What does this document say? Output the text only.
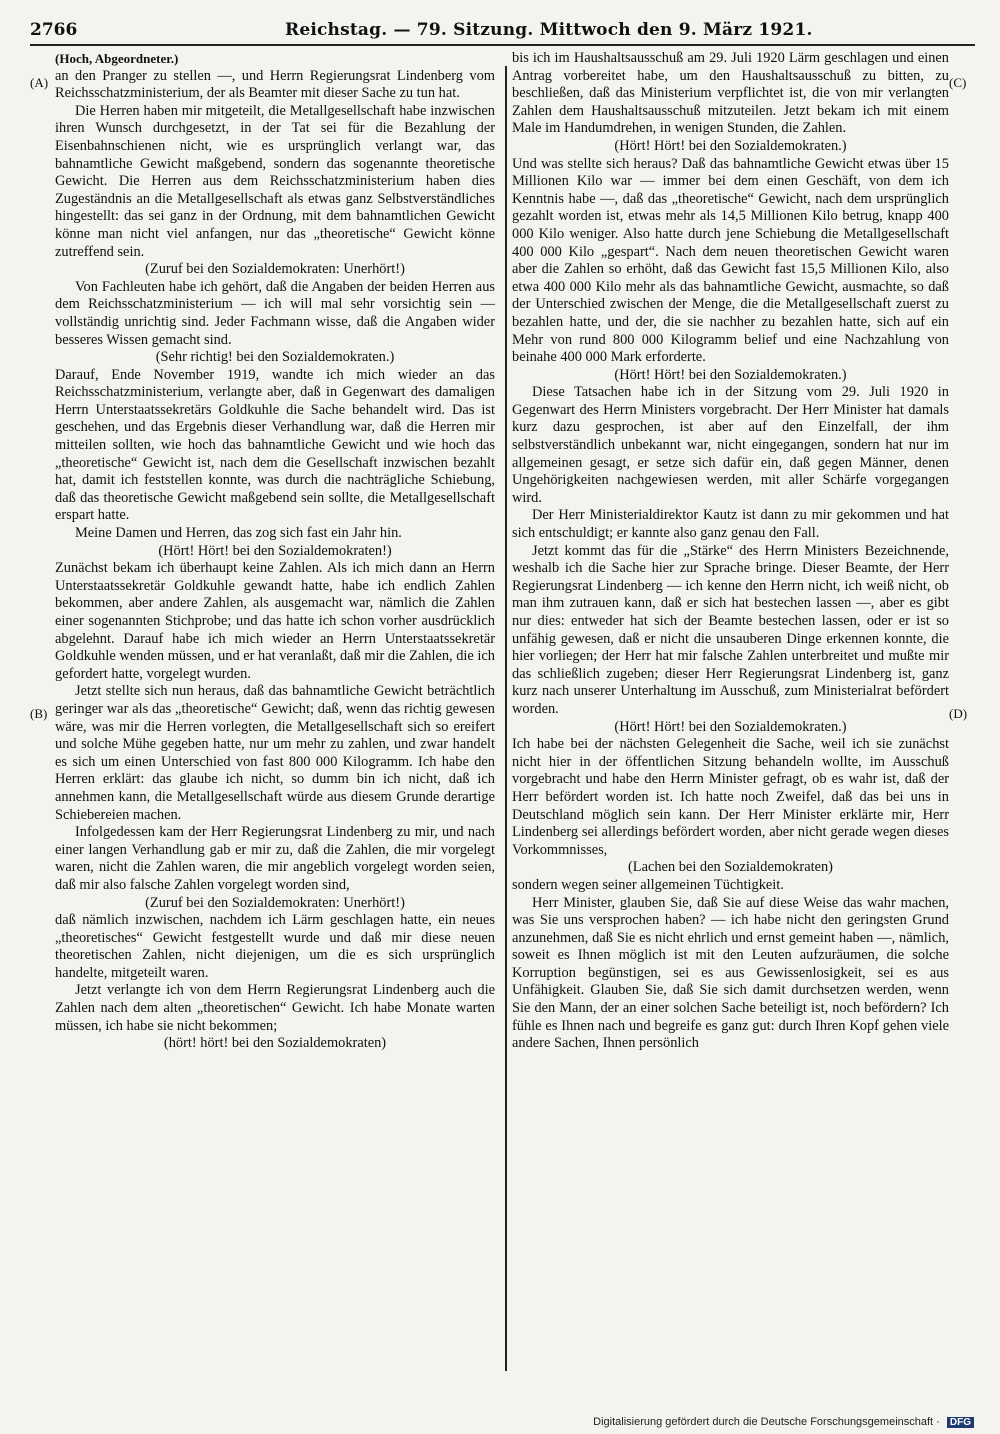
2766	Reichstag. — 79. Sitzung. Mittwoch den 9. März 1921.
(A)
(B)
(C)
(D)

(Hoch, Abgeordneter.)

an den Pranger zu stellen —, und Herrn Regierungsrat Lindenberg vom Reichsschatzministerium, der als Beamter mit dieser Sache zu tun hat.

Die Herren haben mir mitgeteilt, die Metallgesellschaft habe inzwischen ihren Wunsch durchgesetzt, in der Tat sei für die Bezahlung der Eisenbahnschienen nicht, wie es ursprünglich verlangt war, das bahnamtliche Gewicht maßgebend, sondern das sogenannte theoretische Gewicht. Die Herren aus dem Reichsschatzministerium haben dies Zugeständnis an die Metallgesellschaft als etwas ganz Selbstverständliches hingestellt: das sei ganz in der Ordnung, mit dem bahnamtlichen Gewicht könne man nicht viel anfangen, nur das „theoretische“ Gewicht könne zutreffend sein.

(Zuruf bei den Sozialdemokraten: Unerhört!)

Von Fachleuten habe ich gehört, daß die Angaben der beiden Herren aus dem Reichsschatzministerium — ich will mal sehr vorsichtig sein — vollständig unrichtig sind. Jeder Fachmann wisse, daß die Angaben wider besseres Wissen gemacht sind.

(Sehr richtig! bei den Sozialdemokraten.)

Darauf, Ende November 1919, wandte ich mich wieder an das Reichsschatzministerium, verlangte aber, daß in Gegenwart des damaligen Herrn Unterstaatssekretärs Goldkuhle die Sache behandelt wird. Das ist geschehen, und das Ergebnis dieser Verhandlung war, daß die Herren mir mitteilen sollten, wie hoch das bahnamtliche Gewicht und wie hoch das „theoretische“ Gewicht ist, nach dem die Gesellschaft inzwischen bezahlt hat, damit ich feststellen konnte, was durch die nachträgliche Schiebung, daß das theoretische Gewicht maßgebend sein sollte, die Metallgesellschaft erspart hatte.

Meine Damen und Herren, das zog sich fast ein Jahr hin.

(Hört! Hört! bei den Sozialdemokraten!)

Zunächst bekam ich überhaupt keine Zahlen. Als ich mich dann an Herrn Unterstaatssekretär Goldkuhle gewandt hatte, habe ich endlich Zahlen bekommen, aber andere Zahlen, als ausgemacht war, nämlich die Zahlen einer sogenannten Stichprobe; und das hatte ich schon vorher ausdrücklich abgelehnt. Darauf habe ich mich wieder an Herrn Unterstaatssekretär Goldkuhle wenden müssen, und er hat veranlaßt, daß mir die Zahlen, die ich gefordert hatte, vorgelegt wurden.

Jetzt stellte sich nun heraus, daß das bahnamtliche Gewicht beträchtlich geringer war als das „theoretische“ Gewicht; daß, wenn das richtig gewesen wäre, was mir die Herren vorlegten, die Metallgesellschaft sich so ereifert und solche Mühe gegeben hatte, nur um mehr zu zahlen, und zwar handelt es sich um einen Unterschied von fast 800 000 Kilogramm. Ich habe den Herren erklärt: das glaube ich nicht, so dumm bin ich nicht, daß ich annehmen kann, die Metallgesellschaft würde aus diesem Grunde derartige Schiebereien machen.

Infolgedessen kam der Herr Regierungsrat Lindenberg zu mir, und nach einer langen Verhandlung gab er mir zu, daß die Zahlen, die mir vorgelegt waren, nicht die Zahlen waren, die mir angeblich vorgelegt worden seien, daß mir also falsche Zahlen vorgelegt worden sind,

(Zuruf bei den Sozialdemokraten: Unerhört!)

daß nämlich inzwischen, nachdem ich Lärm geschlagen hatte, ein neues „theoretisches“ Gewicht festgestellt wurde und daß mir diese neuen theoretischen Zahlen, nicht diejenigen, um die es sich ursprünglich handelte, mitgeteilt waren.

Jetzt verlangte ich von dem Herrn Regierungsrat Lindenberg auch die Zahlen nach dem alten „theoretischen“ Gewicht. Ich habe Monate warten müssen, ich habe sie nicht bekommen;

(hört! hört! bei den Sozialdemokraten)

bis ich im Haushaltsausschuß am 29. Juli 1920 Lärm geschlagen und einen Antrag vorbereitet habe, um den Haushaltsausschuß zu bitten, zu beschließen, daß das Ministerium verpflichtet ist, die von mir verlangten Zahlen dem Haushaltsausschuß mitzuteilen. Jetzt bekam ich mit einem Male im Handumdrehen, in wenigen Stunden, die Zahlen.

(Hört! Hört! bei den Sozialdemokraten.)

Und was stellte sich heraus? Daß das bahnamtliche Gewicht etwas über 15 Millionen Kilo war — immer bei dem einen Geschäft, von dem ich Kenntnis habe —, daß das „theoretische“ Gewicht, nach dem ursprünglich gezahlt worden ist, etwas mehr als 14,5 Millionen Kilo betrug, knapp 400 000 Kilo weniger. Also hatte durch jene Schiebung die Metallgesellschaft 400 000 Kilo „gespart“. Nach dem neuen theoretischen Gewicht waren aber die Zahlen so erhöht, daß das Gewicht fast 15,5 Millionen Kilo, also etwa 400 000 Kilo mehr als das bahnamtliche Gewicht, ausmachte, so daß der Unterschied zwischen der Menge, die die Metallgesellschaft zuerst zu bezahlen hatte, und der, die sie nachher zu bezahlen hatte, sich auf ein Mehr von rund 800 000 Kilogramm belief und eine Nachzahlung von beinahe 400 000 Mark erforderte.

(Hört! Hört! bei den Sozialdemokraten.)

Diese Tatsachen habe ich in der Sitzung vom 29. Juli 1920 in Gegenwart des Herrn Ministers vorgebracht. Der Herr Minister hat damals kurz dazu gesprochen, ist aber auf den Einzelfall, der ihm selbstverständlich unbekannt war, nicht eingegangen, sondern hat nur im allgemeinen gesagt, er setze sich dafür ein, daß gegen Männer, denen Ungehörigkeiten nachgewiesen werden, mit aller Schärfe vorgegangen wird.

Der Herr Ministerialdirektor Kautz ist dann zu mir gekommen und hat sich entschuldigt; er kannte also ganz genau den Fall.

Jetzt kommt das für die „Stärke“ des Herrn Ministers Bezeichnende, weshalb ich die Sache hier zur Sprache bringe. Dieser Beamte, der Herr Regierungsrat Lindenberg — ich kenne den Herrn nicht, ich weiß nicht, ob man ihm zutrauen kann, daß er sich hat bestechen lassen —, aber es gibt nur dies: entweder hat sich der Beamte bestechen lassen, oder er ist so unfähig gewesen, daß er nicht die unsauberen Dinge erkennen konnte, die hier vorliegen; der Herr hat mir falsche Zahlen unterbreitet und mußte mir das schließlich zugeben; dieser Herr Regierungsrat Lindenberg ist, ganz kurz nach unserer Unterhaltung im Ausschuß, zum Ministerialrat befördert worden.

(Hört! Hört! bei den Sozialdemokraten.)

Ich habe bei der nächsten Gelegenheit die Sache, weil ich sie zunächst nicht hier in der öffentlichen Sitzung behandeln wollte, im Ausschuß vorgebracht und habe den Herrn Minister gefragt, ob es wahr ist, daß der Herr befördert worden ist. Ich hatte noch Zweifel, daß das bei uns in Deutschland möglich sein kann. Der Herr Minister erklärte mir, Herr Lindenberg sei allerdings befördert worden, aber nicht gerade wegen dieses Vorkommnisses,

(Lachen bei den Sozialdemokraten)

sondern wegen seiner allgemeinen Tüchtigkeit.

Herr Minister, glauben Sie, daß Sie auf diese Weise das wahr machen, was Sie uns versprochen haben? — ich habe nicht den geringsten Grund anzunehmen, daß Sie es nicht ehrlich und ernst gemeint haben —, nämlich, soweit es Ihnen möglich ist mit den Leuten aufzuräumen, die solche Korruption begünstigen, sei es aus Gewissenlosigkeit, sei es aus Unfähigkeit. Glauben Sie, daß Sie sich damit durchsetzen werden, wenn Sie den Mann, der an einer solchen Sache beteiligt ist, noch befördern? Ich fühle es Ihnen nach und begreife es ganz gut: durch Ihren Kopf gehen viele andere Sachen, Ihnen persönlich

Digitalisierung gefördert durch die Deutsche Forschungsgemeinschaft · DFG
